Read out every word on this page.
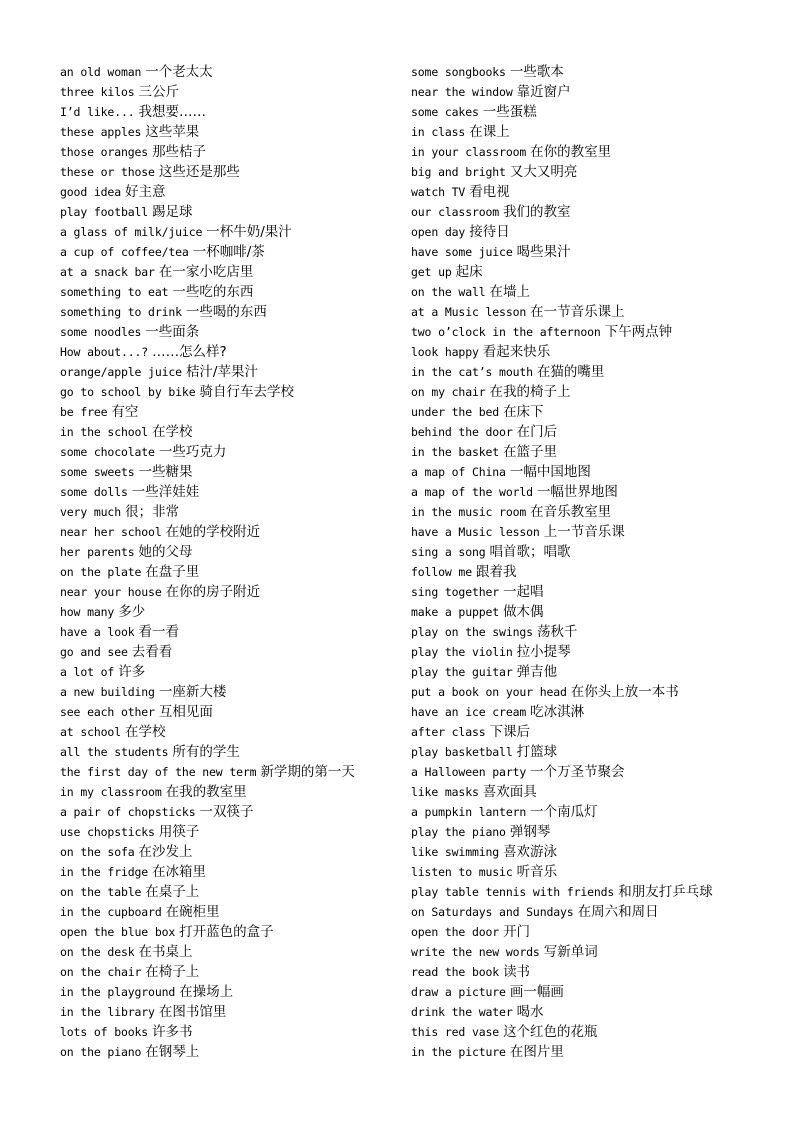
an old woman 一个老太太
three kilos 三公斤
I’d like... 我想要……
these apples 这些苹果
those oranges 那些桔子
these or those 这些还是那些
good idea 好主意
play football 踢足球
a glass of milk/juice 一杯牛奶/果汁
a cup of coffee/tea 一杯咖啡/茶
at a snack bar 在一家小吃店里
something to eat 一些吃的东西
something to drink 一些喝的东西
some noodles 一些面条
How about...? ……怎么样?
orange/apple juice 桔汁/苹果汁
go to school by bike 骑自行车去学校
be free 有空
in the school 在学校
some chocolate 一些巧克力
some sweets 一些糖果
some dolls 一些洋娃娃
very much 很；非常
near her school 在她的学校附近
her parents 她的父母
on the plate 在盘子里
near your house 在你的房子附近
how many 多少
have a look 看一看
go and see 去看看
a lot of 许多
a new building 一座新大楼
see each other 互相见面
at school 在学校
all the students 所有的学生
the first day of the new term 新学期的第一天
in my classroom 在我的教室里
a pair of chopsticks 一双筷子
use chopsticks 用筷子
on the sofa 在沙发上
in the fridge 在冰箱里
on the table 在桌子上
in the cupboard 在碗柜里
open the blue box 打开蓝色的盒子
on the desk 在书桌上
on the chair 在椅子上
in the playground 在操场上
in the library 在图书馆里
lots of books 许多书
on the piano 在钢琴上
some songbooks 一些歌本
near the window 靠近窗户
some cakes 一些蛋糕
in class 在课上
in your classroom 在你的教室里
big and bright 又大又明亮
watch TV 看电视
our classroom 我们的教室
open day 接待日
have some juice 喝些果汁
get up 起床
on the wall 在墙上
at a Music lesson 在一节音乐课上
two o’clock in the afternoon 下午两点钟
look happy 看起来快乐
in the cat’s mouth 在猫的嘴里
on my chair 在我的椅子上
under the bed 在床下
behind the door 在门后
in the basket 在篮子里
a map of China 一幅中国地图
a map of the world 一幅世界地图
in the music room 在音乐教室里
have a Music lesson 上一节音乐课
sing a song 唱首歌；唱歌
follow me 跟着我
sing together 一起唱
make a puppet 做木偶
play on the swings 荡秋千
play the violin 拉小提琴
play the guitar 弹吉他
put a book on your head 在你头上放一本书
have an ice cream 吃冰淇淋
after class 下课后
play basketball 打篮球
a Halloween party 一个万圣节聚会
like masks 喜欢面具
a pumpkin lantern 一个南瓜灯
play the piano 弹钢琴
like swimming 喜欢游泳
listen to music 听音乐
play table tennis with friends 和朋友打乒乓球
on Saturdays and Sundays 在周六和周日
open the door 开门
write the new words 写新单词
read the book 读书
draw a picture 画一幅画
drink the water 喝水
this red vase 这个红色的花瓶
in the picture 在图片里
